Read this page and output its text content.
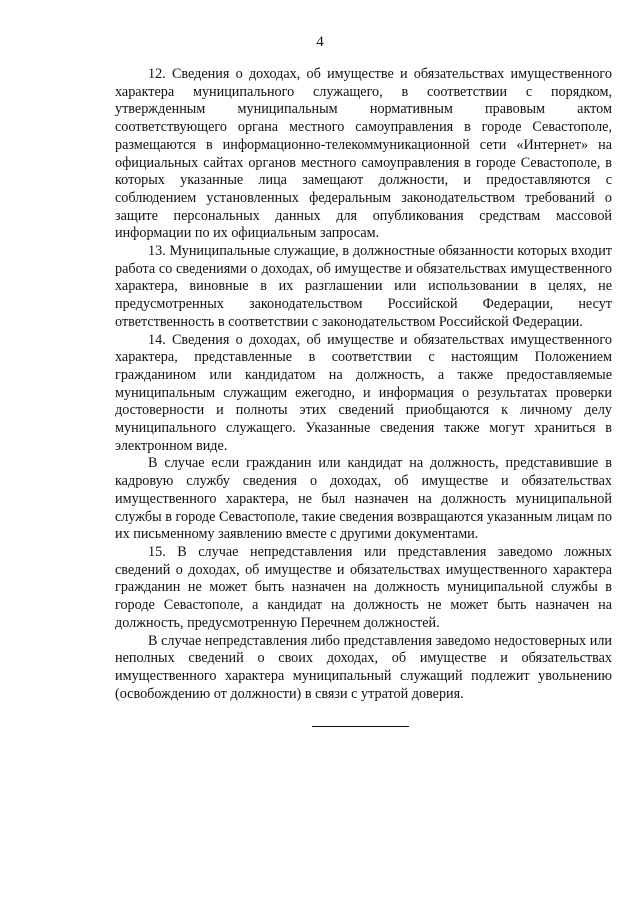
4

12. Сведения о доходах, об имуществе и обязательствах имущественного характера муниципального служащего, в соответствии с порядком, утвержденным муниципальным нормативным правовым актом соответствующего органа местного самоуправления в городе Севастополе, размещаются в информационно-телекоммуникационной сети «Интернет» на официальных сайтах органов местного самоуправления в городе Севастополе, в которых указанные лица замещают должности, и предоставляются с соблюдением установленных федеральным законодательством требований о защите персональных данных для опубликования средствам массовой информации по их официальным запросам.

13. Муниципальные служащие, в должностные обязанности которых входит работа со сведениями о доходах, об имуществе и обязательствах имущественного характера, виновные в их разглашении или использовании в целях, не предусмотренных законодательством Российской Федерации, несут ответственность в соответствии с законодательством Российской Федерации.

14. Сведения о доходах, об имуществе и обязательствах имущественного характера, представленные в соответствии с настоящим Положением гражданином или кандидатом на должность, а также предоставляемые муниципальным служащим ежегодно, и информация о результатах проверки достоверности и полноты этих сведений приобщаются к личному делу муниципального служащего. Указанные сведения также могут храниться в электронном виде.

В случае если гражданин или кандидат на должность, представившие в кадровую службу сведения о доходах, об имуществе и обязательствах имущественного характера, не был назначен на должность муниципальной службы в городе Севастополе, такие сведения возвращаются указанным лицам по их письменному заявлению вместе с другими документами.

15. В случае непредставления или представления заведомо ложных сведений о доходах, об имуществе и обязательствах имущественного характера гражданин не может быть назначен на должность муниципальной службы в городе Севастополе, а кандидат на должность не может быть назначен на должность, предусмотренную Перечнем должностей.

В случае непредставления либо представления заведомо недостоверных или неполных сведений о своих доходах, об имуществе и обязательствах имущественного характера муниципальный служащий подлежит увольнению (освобождению от должности) в связи с утратой доверия.
